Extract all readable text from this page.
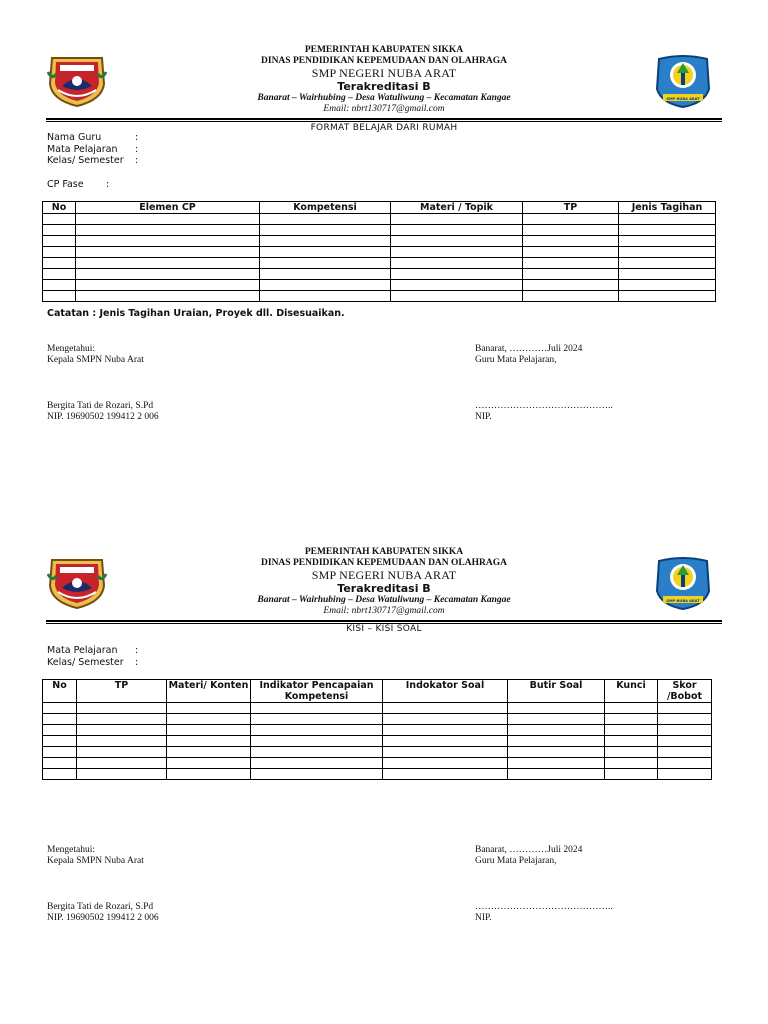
SMP NUBA ARAT
PEMERINTAH KABUPATEN SIKKA
DINAS PENDIDIKAN KEPEMUDAAN DAN OLAHRAGA
SMP NEGERI NUBA ARAT
Terakreditasi B
Banarat – Wairhubing – Desa Watuliwung – Kecamatan Kangae
Email: nbrt130717@gmail.com
FORMAT BELAJAR DARI RUMAH
Nama Guru	:
Mata Pelajaran	:
Kelas/ Semester	:
CP Fase	:
No	Elemen CP	Kompetensi	Materi / Topik	TP	Jenis Tagihan

Catatan : Jenis Tagihan Uraian, Proyek dll. Disesuaikan.
Mengetahui:
Kepala SMPN Nuba Arat
Bergita Tati de Rozari, S.Pd
NIP. 19690502 199412 2 006
Banarat, …………Juli 2024
Guru Mata Pelajaran,
……………………………………..
NIP.
SMP NUBA ARAT
PEMERINTAH KABUPATEN SIKKA
DINAS PENDIDIKAN KEPEMUDAAN DAN OLAHRAGA
SMP NEGERI NUBA ARAT
Terakreditasi B
Banarat – Wairhubing – Desa Watuliwung – Kecamatan Kangae
Email: nbrt130717@gmail.com
KISI – KISI SOAL
Mata Pelajaran	:
Kelas/ Semester	:
No	TP	Materi/ Konten	Indikator Pencapaian Kompetensi	Indokator Soal	Butir Soal	Kunci	Skor /Bobot

Mengetahui:
Kepala SMPN Nuba Arat
Bergita Tati de Rozari, S.Pd
NIP. 19690502 199412 2 006
Banarat, …………Juli 2024
Guru Mata Pelajaran,
……………………………………..
NIP.
